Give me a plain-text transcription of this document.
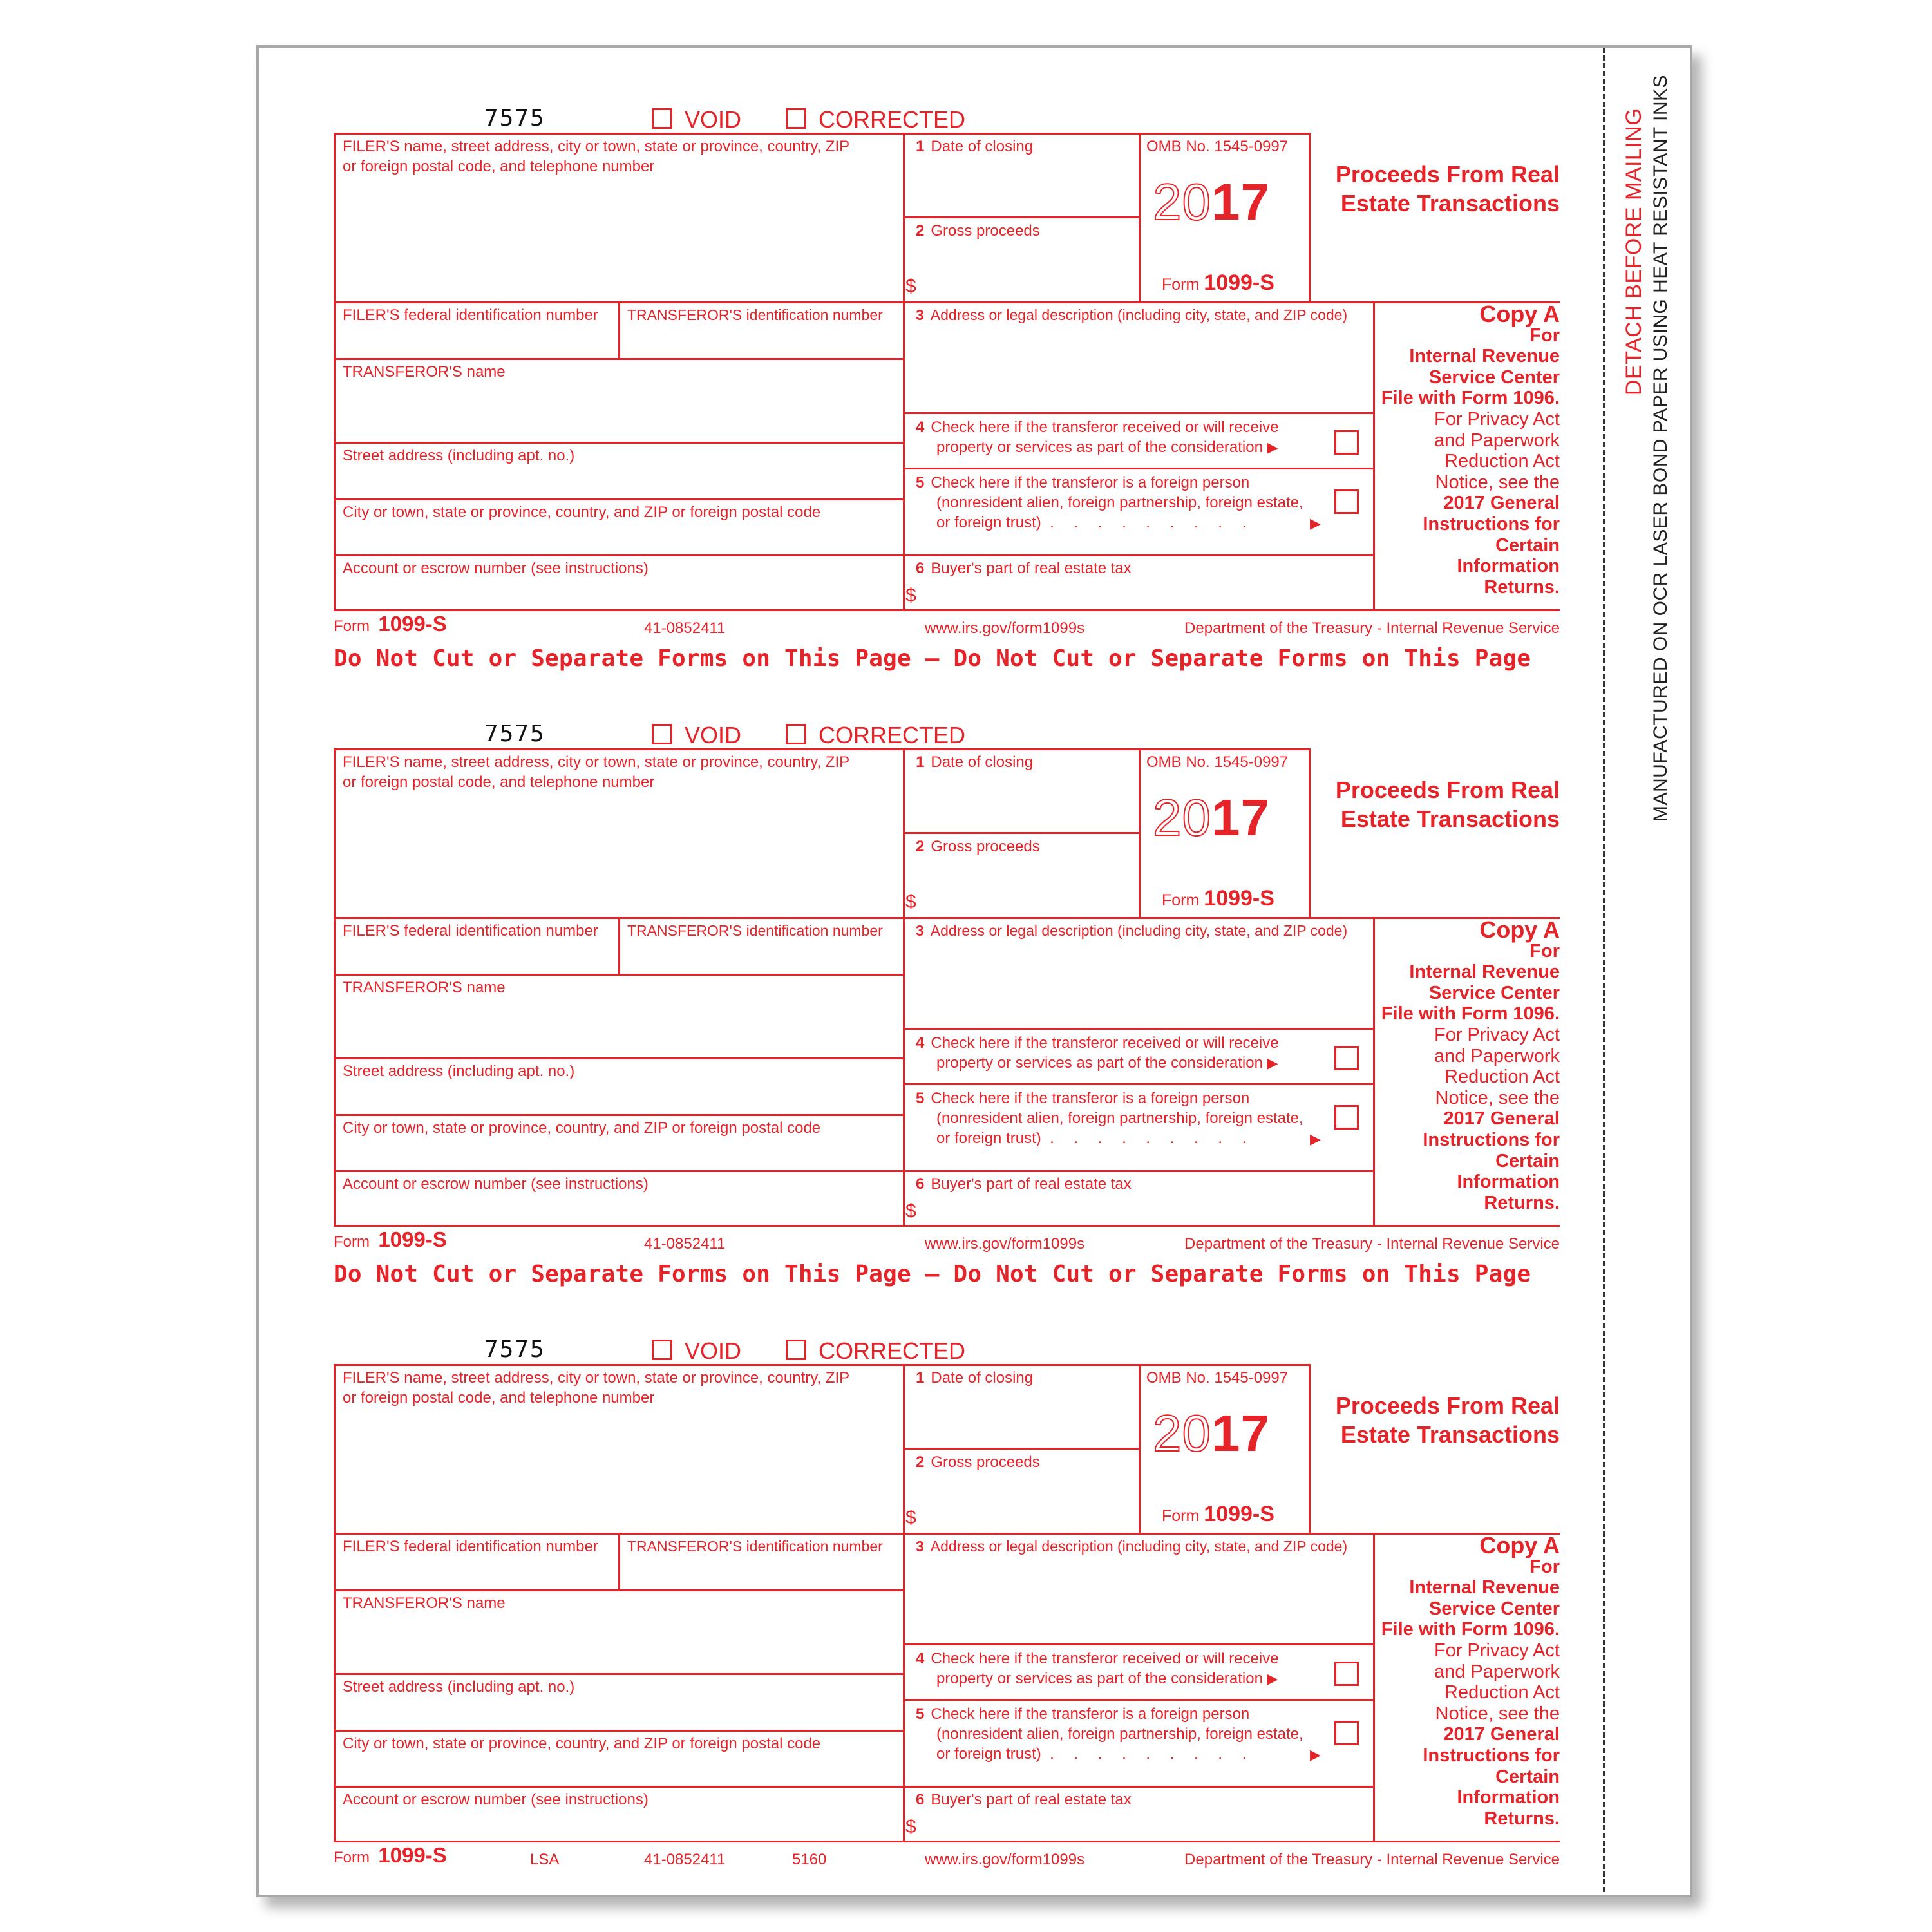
DETACH BEFORE MAILING MANUFACTURED ON OCR LASER BOND PAPER USING HEAT RESISTANT INKS
7575	VOID	CORRECTED
FILER'S name, street address, city or town, state or province, country, ZIP
or foreign postal code, and telephone number
1 Date of closing
2 Gross proceeds
$
OMB No. 1545-0997
2017
Form 1099-S
Proceeds From Real
Estate Transactions
FILER'S federal identification number TRANSFEROR'S identification number 3 Address or legal description (including city, state, and ZIP code)
TRANSFEROR'S name
4 Check here if the transferor received or will receive
property or services as part of the consideration ▶
Street address (including apt. no.)
5 Check here if the transferor is a foreign person
(nonresident alien, foreign partnership, foreign estate,
or foreign trust) . . . . . . . . .	▶
City or town, state or province, country, and ZIP or foreign postal code
Account or escrow number (see instructions)	6 Buyer's part of real estate tax
$
Copy A
For
Internal Revenue
Service Center
File with Form 1096.
For Privacy Act
and Paperwork
Reduction Act
Notice, see the
2017 General
Instructions for
Certain
Information
Returns.
Form 1099-S	41-0852411	www.irs.gov/form1099s	Department of the Treasury - Internal Revenue Service
Do Not Cut or Separate Forms on This Page — Do Not Cut or Separate Forms on This Page
7575	VOID	CORRECTED
FILER'S name, street address, city or town, state or province, country, ZIP
or foreign postal code, and telephone number
1 Date of closing
2 Gross proceeds
$
OMB No. 1545-0997
2017
Form 1099-S
Proceeds From Real
Estate Transactions
FILER'S federal identification number TRANSFEROR'S identification number 3 Address or legal description (including city, state, and ZIP code)
TRANSFEROR'S name
4 Check here if the transferor received or will receive
property or services as part of the consideration ▶
Street address (including apt. no.)
5 Check here if the transferor is a foreign person
(nonresident alien, foreign partnership, foreign estate,
or foreign trust) . . . . . . . . .	▶
City or town, state or province, country, and ZIP or foreign postal code
Account or escrow number (see instructions)	6 Buyer's part of real estate tax
$
Copy A
For
Internal Revenue
Service Center
File with Form 1096.
For Privacy Act
and Paperwork
Reduction Act
Notice, see the
2017 General
Instructions for
Certain
Information
Returns.
Form 1099-S	41-0852411	www.irs.gov/form1099s	Department of the Treasury - Internal Revenue Service
Do Not Cut or Separate Forms on This Page — Do Not Cut or Separate Forms on This Page
7575	VOID	CORRECTED
FILER'S name, street address, city or town, state or province, country, ZIP
or foreign postal code, and telephone number
1 Date of closing
2 Gross proceeds
$
OMB No. 1545-0997
2017
Form 1099-S
Proceeds From Real
Estate Transactions
FILER'S federal identification number TRANSFEROR'S identification number 3 Address or legal description (including city, state, and ZIP code)
TRANSFEROR'S name
4 Check here if the transferor received or will receive
property or services as part of the consideration ▶
Street address (including apt. no.)
5 Check here if the transferor is a foreign person
(nonresident alien, foreign partnership, foreign estate,
or foreign trust) . . . . . . . . .	▶
City or town, state or province, country, and ZIP or foreign postal code
Account or escrow number (see instructions)	6 Buyer's part of real estate tax
$
Copy A
For
Internal Revenue
Service Center
File with Form 1096.
For Privacy Act
and Paperwork
Reduction Act
Notice, see the
2017 General
Instructions for
Certain
Information
Returns.
Form 1099-S	LSA	41-0852411	5160	www.irs.gov/form1099s	Department of the Treasury - Internal Revenue Service
